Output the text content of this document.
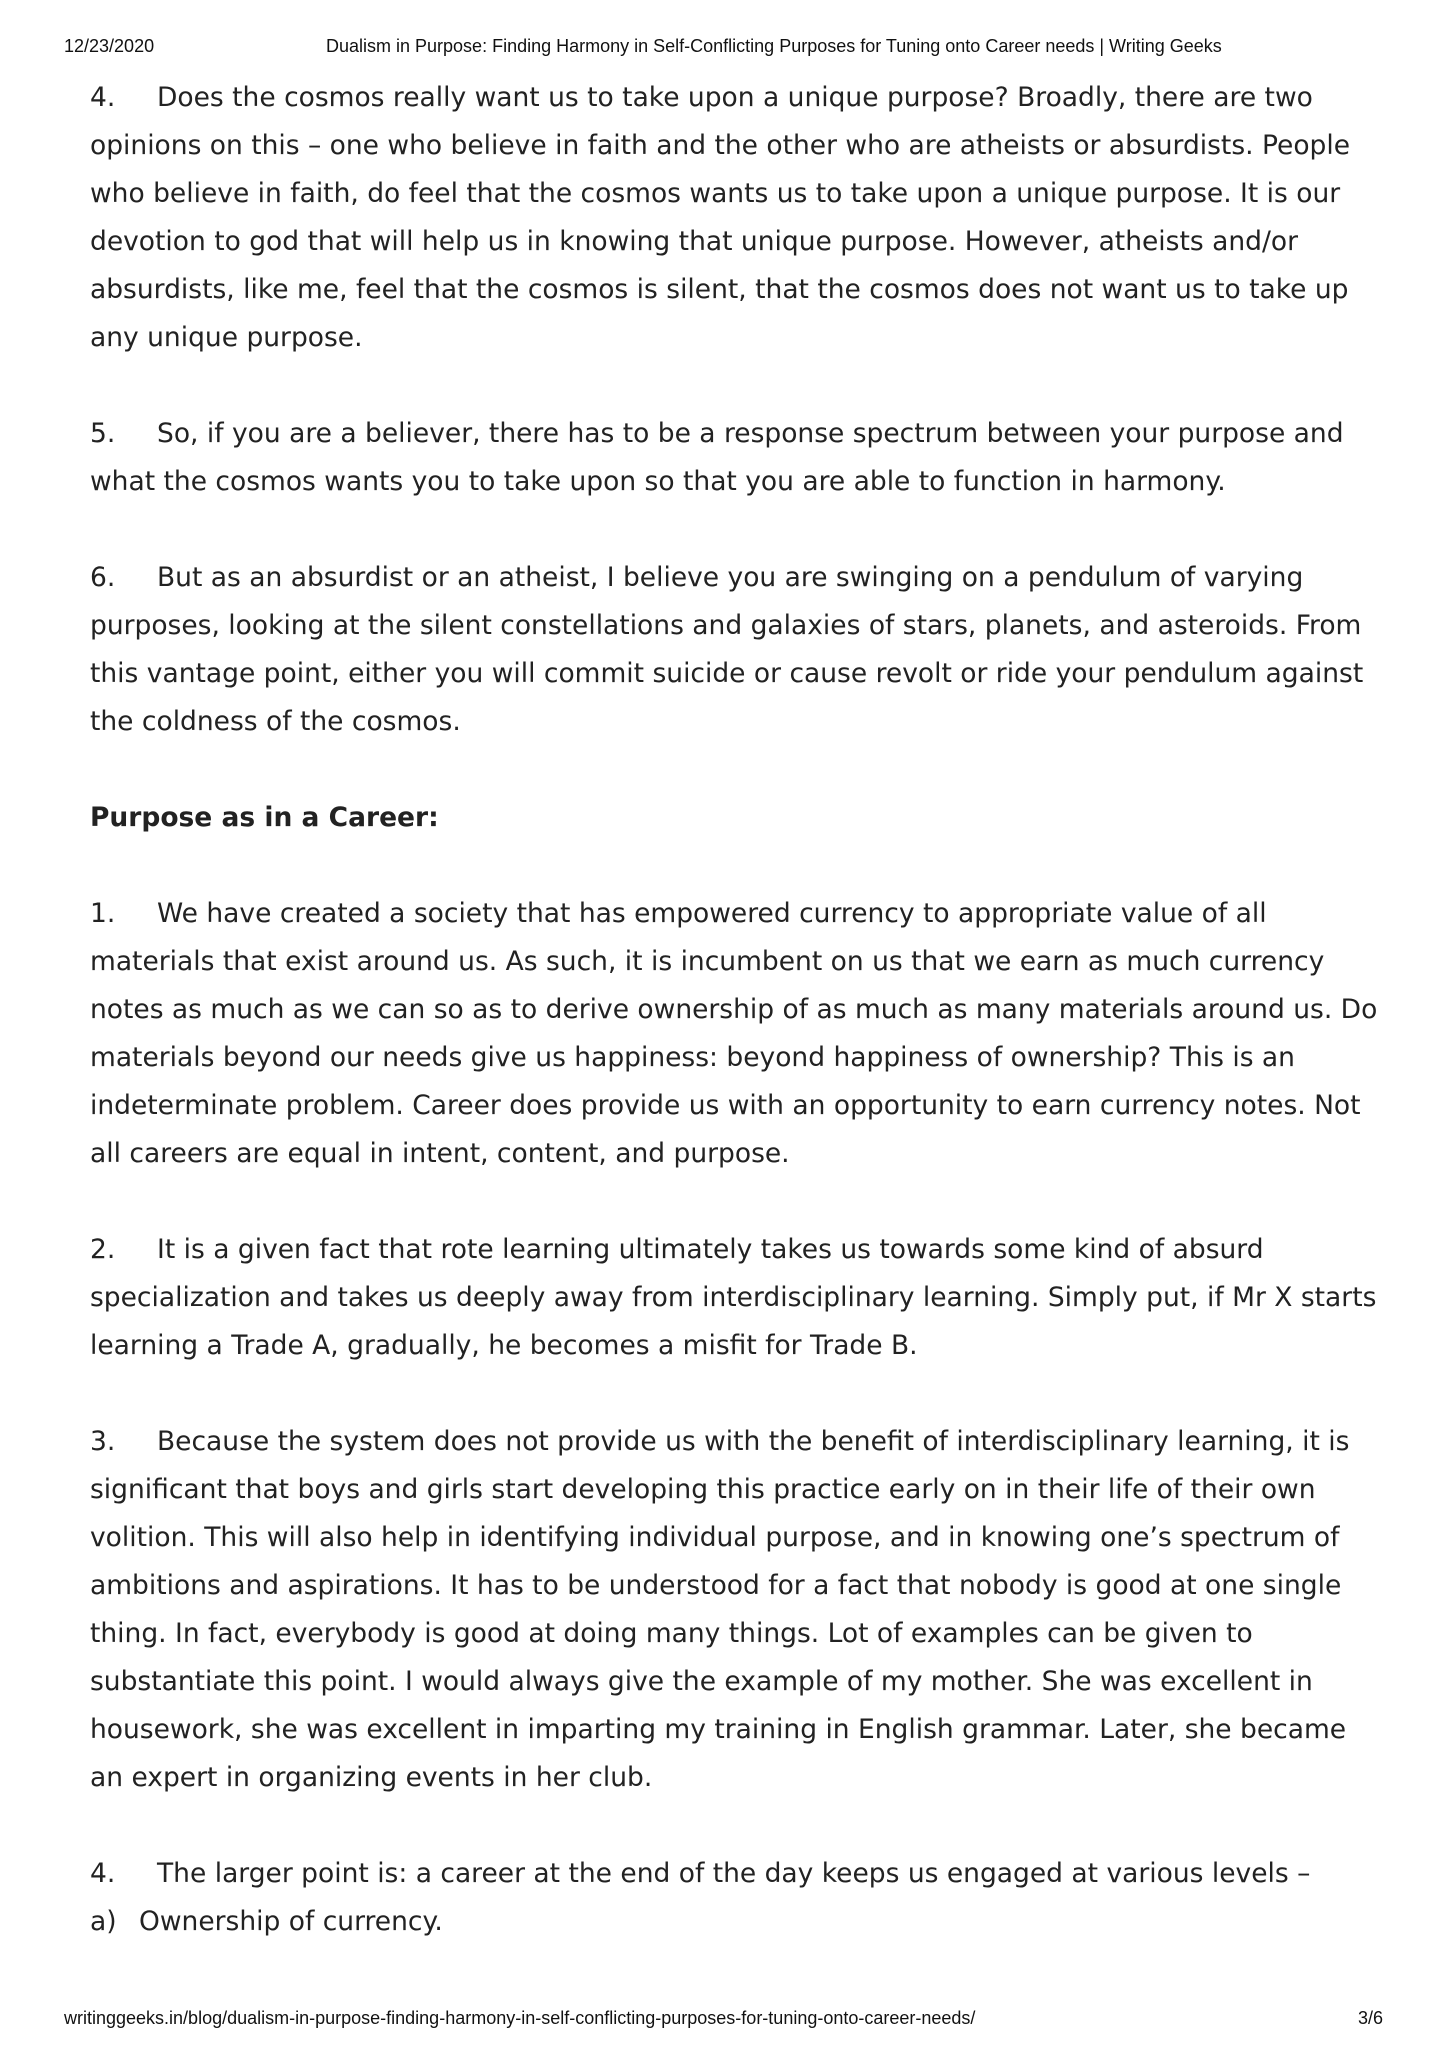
12/23/2020	Dualism in Purpose: Finding Harmony in Self-Conflicting Purposes for Tuning onto Career needs | Writing Geeks

4. Does the cosmos really want us to take upon a unique purpose? Broadly, there are two opinions on this – one who believe in faith and the other who are atheists or absurdists. People who believe in faith, do feel that the cosmos wants us to take upon a unique purpose. It is our devotion to god that will help us in knowing that unique purpose. However, atheists and/or absurdists, like me, feel that the cosmos is silent, that the cosmos does not want us to take up any unique purpose.

5. So, if you are a believer, there has to be a response spectrum between your purpose and what the cosmos wants you to take upon so that you are able to function in harmony.

6. But as an absurdist or an atheist, I believe you are swinging on a pendulum of varying purposes, looking at the silent constellations and galaxies of stars, planets, and asteroids. From this vantage point, either you will commit suicide or cause revolt or ride your pendulum against the coldness of the cosmos.

Purpose as in a Career:

1. We have created a society that has empowered currency to appropriate value of all materials that exist around us. As such, it is incumbent on us that we earn as much currency notes as much as we can so as to derive ownership of as much as many materials around us. Do materials beyond our needs give us happiness: beyond happiness of ownership? This is an indeterminate problem. Career does provide us with an opportunity to earn currency notes. Not all careers are equal in intent, content, and purpose.

2. It is a given fact that rote learning ultimately takes us towards some kind of absurd specialization and takes us deeply away from interdisciplinary learning. Simply put, if Mr X starts learning a Trade A, gradually, he becomes a misfit for Trade B.

3. Because the system does not provide us with the benefit of interdisciplinary learning, it is significant that boys and girls start developing this practice early on in their life of their own volition. This will also help in identifying individual purpose, and in knowing one’s spectrum of ambitions and aspirations. It has to be understood for a fact that nobody is good at one single thing. In fact, everybody is good at doing many things. Lot of examples can be given to substantiate this point. I would always give the example of my mother. She was excellent in housework, she was excellent in imparting my training in English grammar. Later, she became an expert in organizing events in her club.

4. The larger point is: a career at the end of the day keeps us engaged at various levels –

a) Ownership of currency.

writinggeeks.in/blog/dualism-in-purpose-finding-harmony-in-self-conflicting-purposes-for-tuning-onto-career-needs/	3/6
